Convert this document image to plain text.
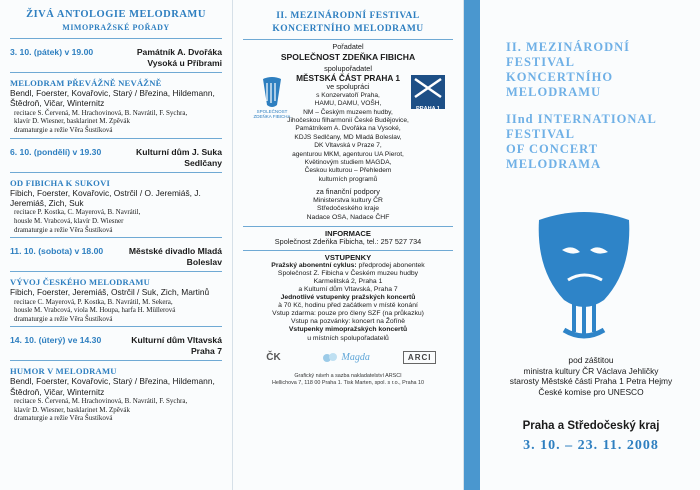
ŽIVÁ ANTOLOGIE MELODRAMU
MIMOPRAŽSKÉ POŘADY
3. 10. (pátek) v 19.00	Památník A. Dvořáka Vysoká u Příbrami
MELODRAM PŘEVÁŽNĚ NEVÁŽNĚ
Bendl, Foerster, Kovařovic, Starý / Březina, Hildemann, Štědroň, Vičar, Winternitz
recitace S. Červená, M. Hrachovinová, B. Navrátil, F. Sychra,
klavír D. Wiesner, basklarinet M. Zpěvák
dramaturgie a režie Věra Šustíková
6. 10. (pondělí) v 19.30	Kulturní dům J. Suka Sedlčany
OD FIBICHA K SUKOVI
Fibich, Foerster, Kovařovic, Ostrčil / O. Jeremiáš, J. Jeremiáš, Zich, Suk
recitace P. Kostka, C. Mayerová, B. Navrátil,
housle M. Vrabcová, klavír D. Wiesner
dramaturgie a režie Věra Šustíková
11. 10. (sobota) v 18.00	Městské divadlo Mladá Boleslav
VÝVOJ ČESKÉHO MELODRAMU
Fibich, Foerster, Jeremiáš, Ostrčil / Suk, Zich, Martinů
recitace C. Mayerová, P. Kostka, B. Navrátil, M. Sekera,
housle M. Vrabcová, viola M. Houpa, harfa H. Müllerová
dramaturgie a režie Věra Šustíková
14. 10. (úterý) ve 14.30	Kulturní dům Vltavská Praha 7
HUMOR V MELODRAMU
Bendl, Foerster, Kovařovic, Starý / Březina, Hildemann, Štědroň, Vičar, Winternitz
recitace S. Červená, M. Hrachovinová, B. Navrátil, F. Sychra,
klavír D. Wiesner, basklarinet M. Zpěvák
dramaturgie a režie Věra Šustíková
II. MEZINÁRODNÍ FESTIVAL
KONCERTNÍHO MELODRAMU
Pořadatel
SPOLEČNOST ZDEŇKA FIBICHA
spolupořadatel
SPOLEČNOST ZDEŇKA FIBICHA
PRAHA 1
MĚSTSKÁ ČÁST PRAHA 1
ve spolupráci
s Konzervatoří Praha,
HAMU, DAMU, VOŠH,
NM – Českým muzeem hudby,
Jihočeskou filharmonií České Budějovice,
Památníkem A. Dvořáka na Vysoké,
KDJS Sedlčany, MD Mladá Boleslav,
DK Vltavská v Praze 7,
agenturou MKM, agenturou UA Pierot,
Květinovým studiem MAGDA,
Českou kulturou – Přehledem
kulturních programů
za finanční podpory
Ministerstva kultury ČR
Středočeského kraje
Nadace OSA, Nadace ČHF
INFORMACE
Společnost Zdeňka Fibicha, tel.: 257 527 734
VSTUPENKY
Pražský abonentní cyklus: předprodej abonentek
Společnost Z. Fibicha v Českém muzeu hudby
Karmelitská 2, Praha 1
a Kulturní dům Vltavská, Praha 7
Jednotlivé vstupenky pražských koncertů
à 70 Kč, hodinu před začátkem v místě konání
Vstup zdarma: pouze pro členy SZF (na průkazku)
Vstup na pozvánky: koncert na Žofíně
Vstupenky mimopražských koncertů
u místních spolupořadatelů
ČK	Magda	ARCI
Grafický návrh a sazba nakladatelství ARSCI
Hellichova 7, 118 00 Praha 1. Tisk Marten, spol. s r.o., Praha 10
II. MEZINÁRODNÍ
FESTIVAL
KONCERTNÍHO
MELODRAMU
IInd INTERNATIONAL
FESTIVAL
OF CONCERT
MELODRAMA
pod záštitou
ministra kultury ČR Václava Jehličky
starosty Městské části Praha 1 Petra Hejmy
České komise pro UNESCO
Praha a Středočeský kraj
3. 10. – 23. 11. 2008
